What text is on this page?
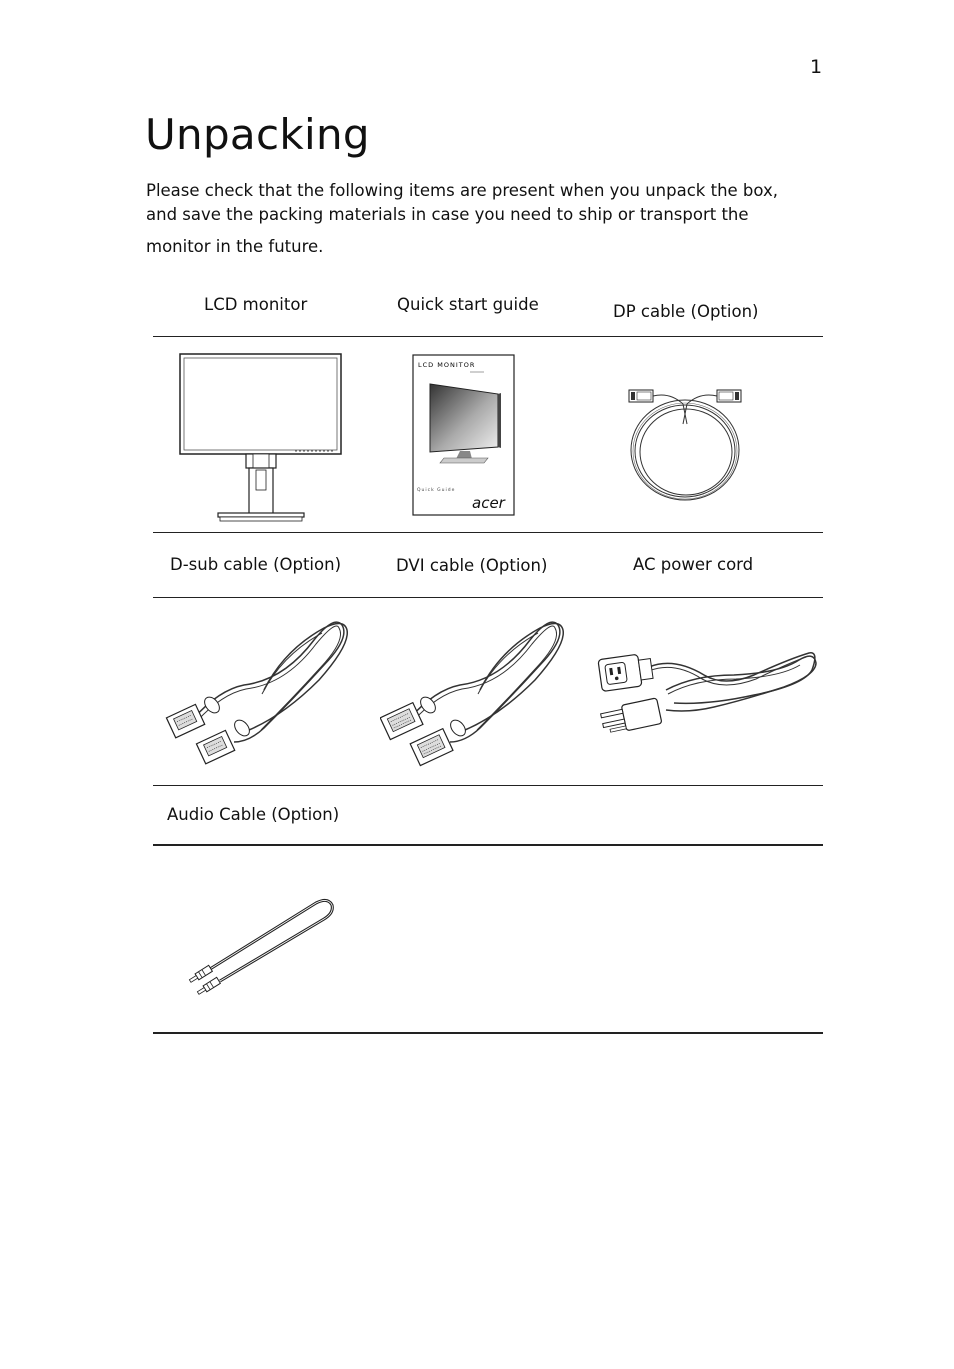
1
Unpacking

Please check that the following items are present when you unpack the box,
and save the packing materials in case you need to ship or transport the
monitor in the future.

LCD monitor	Quick start guide	DP cable (Option)
LCD MONITOR
Quick Guide
acer
D-sub cable (Option)	DVI cable (Option)	AC power cord
Audio Cable (Option)
